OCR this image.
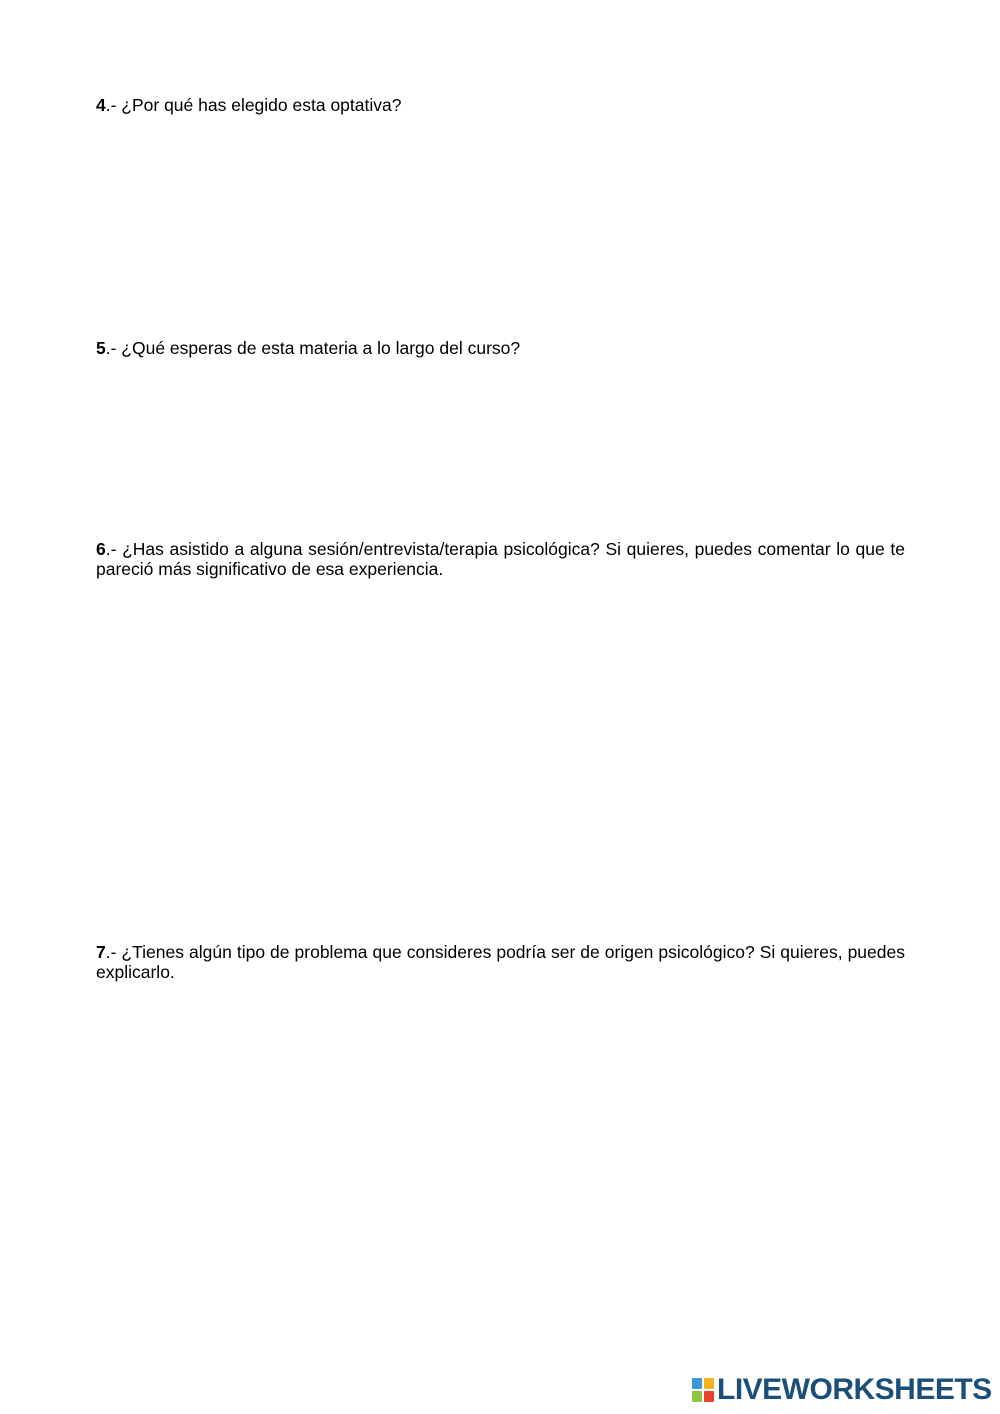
4.- ¿Por qué has elegido esta optativa?

5.- ¿Qué esperas de esta materia a lo largo del curso?

6.- ¿Has asistido a alguna sesión/entrevista/terapia psicológica? Si quieres, puedes comentar lo que te pareció más significativo de esa experiencia.

7.- ¿Tienes algún tipo de problema que consideres podría ser de origen psicológico? Si quieres, puedes explicarlo.

LIVEWORKSHEETS
